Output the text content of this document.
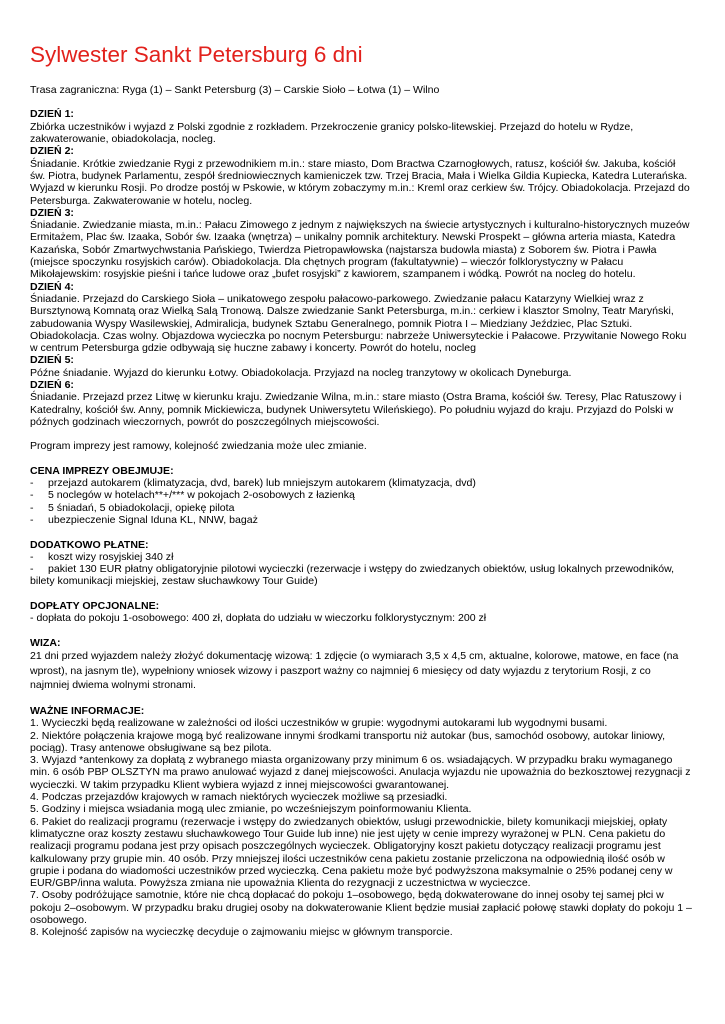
Sylwester Sankt Petersburg 6 dni

Trasa zagraniczna: Ryga (1) – Sankt Petersburg (3) – Carskie Sioło – Łotwa (1) – Wilno

DZIEŃ 1:

Zbiórka uczestników i wyjazd z Polski zgodnie z rozkładem. Przekroczenie granicy polsko-litewskiej. Przejazd do hotelu w Rydze, zakwaterowanie, obiadokolacja, nocleg.

DZIEŃ 2:

Śniadanie. Krótkie zwiedzanie Rygi z przewodnikiem m.in.: stare miasto, Dom Bractwa Czarnogłowych, ratusz, kościół św. Jakuba, kościół św. Piotra, budynek Parlamentu, zespół średniowiecznych kamieniczek tzw. Trzej Bracia, Mała i Wielka Gildia Kupiecka, Katedra Luterańska. Wyjazd w kierunku Rosji. Po drodze postój w Pskowie, w którym zobaczymy m.in.: Kreml oraz cerkiew św. Trójcy. Obiadokolacja. Przejazd do Petersburga. Zakwaterowanie w hotelu, nocleg.

DZIEŃ 3:

Śniadanie. Zwiedzanie miasta, m.in.: Pałacu Zimowego z jednym z największych na świecie artystycznych i kulturalno-historycznych muzeów Ermitażem, Plac św. Izaaka, Sobór św. Izaaka (wnętrza) – unikalny pomnik architektury. Newski Prospekt – główna arteria miasta, Katedra Kazańska, Sobór Zmartwychwstania Pańskiego, Twierdza Pietropawłowska (najstarsza budowla miasta) z Soborem św. Piotra i Pawła (miejsce spoczynku rosyjskich carów). Obiadokolacja. Dla chętnych program (fakultatywnie) – wieczór folklorystyczny w Pałacu Mikołajewskim: rosyjskie pieśni i tańce ludowe oraz „bufet rosyjski” z kawiorem, szampanem i wódką. Powrót na nocleg do hotelu.

DZIEŃ 4:

Śniadanie. Przejazd do Carskiego Sioła – unikatowego zespołu pałacowo-parkowego. Zwiedzanie pałacu Katarzyny Wielkiej wraz z Bursztynową Komnatą oraz Wielką Salą Tronową. Dalsze zwiedzanie Sankt Petersburga, m.in.: cerkiew i klasztor Smolny, Teatr Maryński, zabudowania Wyspy Wasilewskiej, Admiralicja, budynek Sztabu Generalnego, pomnik Piotra I – Miedziany Jeździec, Plac Sztuki. Obiadokolacja. Czas wolny. Objazdowa wycieczka po nocnym Petersburgu: nabrzeże Uniwersyteckie i Pałacowe. Przywitanie Nowego Roku w centrum Petersburga gdzie odbywają się huczne zabawy i koncerty. Powrót do hotelu, nocleg

DZIEŃ 5:

Późne śniadanie. Wyjazd do kierunku Łotwy. Obiadokolacja. Przyjazd na nocleg tranzytowy w okolicach Dyneburga.

DZIEŃ 6:

Śniadanie. Przejazd przez Litwę w kierunku kraju. Zwiedzanie Wilna, m.in.: stare miasto (Ostra Brama, kościół św. Teresy, Plac Ratuszowy i Katedralny, kościół św. Anny, pomnik Mickiewicza, budynek Uniwersytetu Wileńskiego). Po południu wyjazd do kraju. Przyjazd do Polski w późnych godzinach wieczornych, powrót do poszczególnych miejscowości.

Program imprezy jest ramowy, kolejność zwiedzania może ulec zmianie.

CENA IMPREZY OBEJMUJE:

- przejazd autokarem (klimatyzacja, dvd, barek) lub mniejszym autokarem (klimatyzacja, dvd)
- 5 noclegów w hotelach**+/*** w pokojach 2-osobowych z łazienką
- 5 śniadań, 5 obiadokolacji, opiekę pilota
- ubezpieczenie Signal Iduna KL, NNW, bagaż

DODATKOWO PŁATNE:

- koszt wizy rosyjskiej 340 zł
- pakiet 130 EUR płatny obligatoryjnie pilotowi wycieczki (rezerwacje i wstępy do zwiedzanych obiektów, usług lokalnych przewodników, bilety komunikacji miejskiej, zestaw słuchawkowy Tour Guide)

DOPŁATY OPCJONALNE:

- dopłata do pokoju 1-osobowego: 400 zł, dopłata do udziału w wieczorku folklorystycznym: 200 zł

WIZA:

21 dni przed wyjazdem należy złożyć dokumentację wizową: 1 zdjęcie (o wymiarach 3,5 x 4,5 cm, aktualne, kolorowe, matowe, en face (na wprost), na jasnym tle), wypełniony wniosek wizowy i paszport ważny co najmniej 6 miesięcy od daty wyjazdu z terytorium Rosji, z co najmniej dwiema wolnymi stronami.

WAŻNE INFORMACJE:

1. Wycieczki będą realizowane w zależności od ilości uczestników w grupie: wygodnymi autokarami lub wygodnymi busami.
2. Niektóre połączenia krajowe mogą być realizowane innymi środkami transportu niż autokar (bus, samochód osobowy, autokar liniowy, pociąg). Trasy antenowe obsługiwane są bez pilota.
3. Wyjazd *antenkowy za dopłatą z wybranego miasta organizowany przy minimum 6 os. wsiadających. W przypadku braku wymaganego min. 6 osób PBP OLSZTYN ma prawo anulować wyjazd z danej miejscowości. Anulacja wyjazdu nie upoważnia do bezkosztowej rezygnacji z wycieczki. W takim przypadku Klient wybiera wyjazd z innej miejscowości gwarantowanej.
4. Podczas przejazdów krajowych w ramach niektórych wycieczek możliwe są przesiadki.
5. Godziny i miejsca wsiadania mogą ulec zmianie, po wcześniejszym poinformowaniu Klienta.
6. Pakiet do realizacji programu (rezerwacje i wstępy do zwiedzanych obiektów, usługi przewodnickie, bilety komunikacji miejskiej, opłaty klimatyczne oraz koszty zestawu słuchawkowego Tour Guide lub inne) nie jest ujęty w cenie imprezy wyrażonej w PLN. Cena pakietu do realizacji programu podana jest przy opisach poszczególnych wycieczek. Obligatoryjny koszt pakietu dotyczący realizacji programu jest kalkulowany przy grupie min. 40 osób. Przy mniejszej ilości uczestników cena pakietu zostanie przeliczona na odpowiednią ilość osób w grupie i podana do wiadomości uczestników przed wycieczką. Cena pakietu może być podwyższona maksymalnie o 25% podanej ceny w EUR/GBP/inna waluta. Powyższa zmiana nie upoważnia Klienta do rezygnacji z uczestnictwa w wycieczce.
7. Osoby podróżujące samotnie, które nie chcą dopłacać do pokoju 1–osobowego, będą dokwaterowane do innej osoby tej samej płci w pokoju 2–osobowym. W przypadku braku drugiej osoby na dokwaterowanie Klient będzie musiał zapłacić połowę stawki dopłaty do pokoju 1 – osobowego.
8. Kolejność zapisów na wycieczkę decyduje o zajmowaniu miejsc w głównym transporcie.
